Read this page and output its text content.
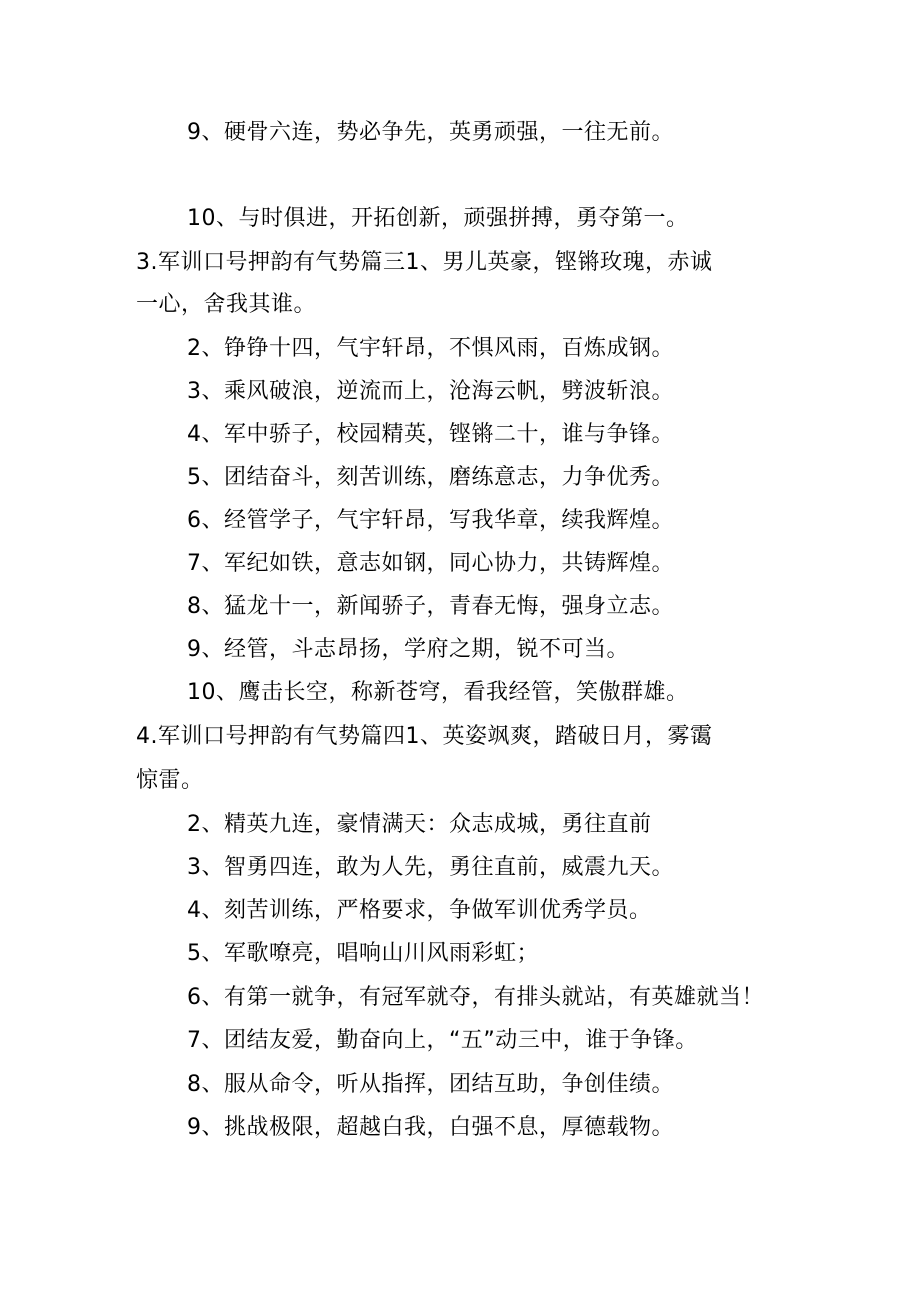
9、硬骨六连，势必争先，英勇顽强，一往无前。
10、与时俱进，开拓创新，顽强拼搏，勇夺第一。
3.军训口号押韵有气势篇三1、男儿英豪，铿锵玫瑰，赤诚
一心，舍我其谁。
2、铮铮十四，气宇轩昂，不惧风雨，百炼成钢。
3、乘风破浪，逆流而上，沧海云帆，劈波斩浪。
4、军中骄子，校园精英，铿锵二十，谁与争锋。
5、团结奋斗，刻苦训练，磨练意志，力争优秀。
6、经管学子，气宇轩昂，写我华章，续我辉煌。
7、军纪如铁，意志如钢，同心协力，共铸辉煌。
8、猛龙十一，新闻骄子，青春无悔，强身立志。
9、经管，斗志昂扬，学府之期，锐不可当。
10、鹰击长空，称新苍穹，看我经管，笑傲群雄。
4.军训口号押韵有气势篇四1、英姿飒爽，踏破日月，雾霭
惊雷。
2、精英九连，豪情满天：众志成城，勇往直前
3、智勇四连，敢为人先，勇往直前，威震九天。
4、刻苦训练，严格要求，争做军训优秀学员。
5、军歌嘹亮，唱响山川风雨彩虹；
6、有第一就争，有冠军就夺，有排头就站，有英雄就当！
7、团结友爱，勤奋向上，“五”动三中，谁于争锋。
8、服从命令，听从指挥，团结互助，争创佳绩。
9、挑战极限，超越白我，白强不息，厚德载物。
